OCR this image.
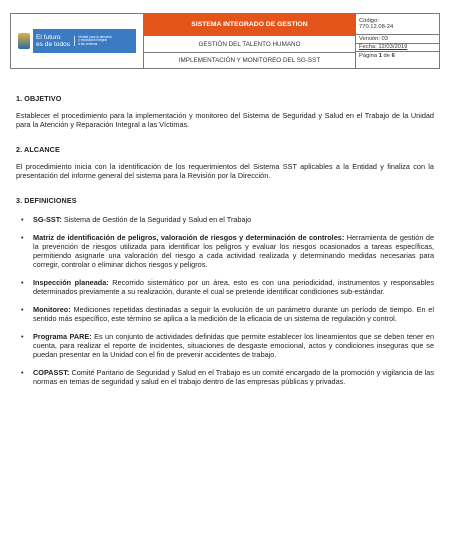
El futuro
es de todos
Unidad para la atención
y reparación integral
a las víctimas
SISTEMA INTEGRADO DE GESTION
GESTIÓN DEL TALENTO HUMANO
IMPLEMENTACIÓN Y MONITOREO DEL SG-SST
Código:
770.12.08-24
Versión: 03
Fecha: 12/03/2019
Página 1 de 6

1. OBJETIVO

Establecer el procedimiento para la implementación y monitoreo del Sistema de Seguridad y Salud en el Trabajo de la Unidad para la Atención y Reparación Integral a las Víctimas.

2. ALCANCE

El procedimiento inicia con la identificación de los requerimientos del Sistema SST aplicables a la Entidad y finaliza con la presentación del informe general del sistema para la Revisión por la Dirección.

3. DEFINICIONES

• SG-SST: Sistema de Gestión de la Seguridad y Salud en el Trabajo
• Matriz de identificación de peligros, valoración de riesgos y determinación de controles: Herramienta de gestión de la prevención de riesgos utilizada para identificar los peligros y evaluar los riesgos ocasionados a tareas específicas, permitiendo asignarle una valoración del riesgo a cada actividad realizada y determinando medidas necesarias para corregir, controlar o eliminar dichos riesgos y peligros.
• Inspección planeada: Recorrido sistemático por un área, esto es con una periodicidad, instrumentos y responsables determinados previamente a su realización, durante el cual se pretende identificar condiciones sub-estándar.
• Monitoreo: Mediciones repetidas destinadas a seguir la evolución de un parámetro durante un período de tiempo. En el sentido más específico, este término se aplica a la medición de la eficacia de un sistema de regulación y control.
• Programa PARE: Es un conjunto de actividades definidas que permite establecer los lineamientos que se deben tener en cuenta, para realizar el reporte de incidentes, situaciones de desgaste emocional, actos y condiciones inseguras que se puedan presentar en la Unidad con el fin de prevenir accidentes de trabajo.
• COPASST: Comité Paritario de Seguridad y Salud en el Trabajo es un comité encargado de la promoción y vigilancia de las normas en temas de seguridad y salud en el trabajo dentro de las empresas públicas y privadas.
